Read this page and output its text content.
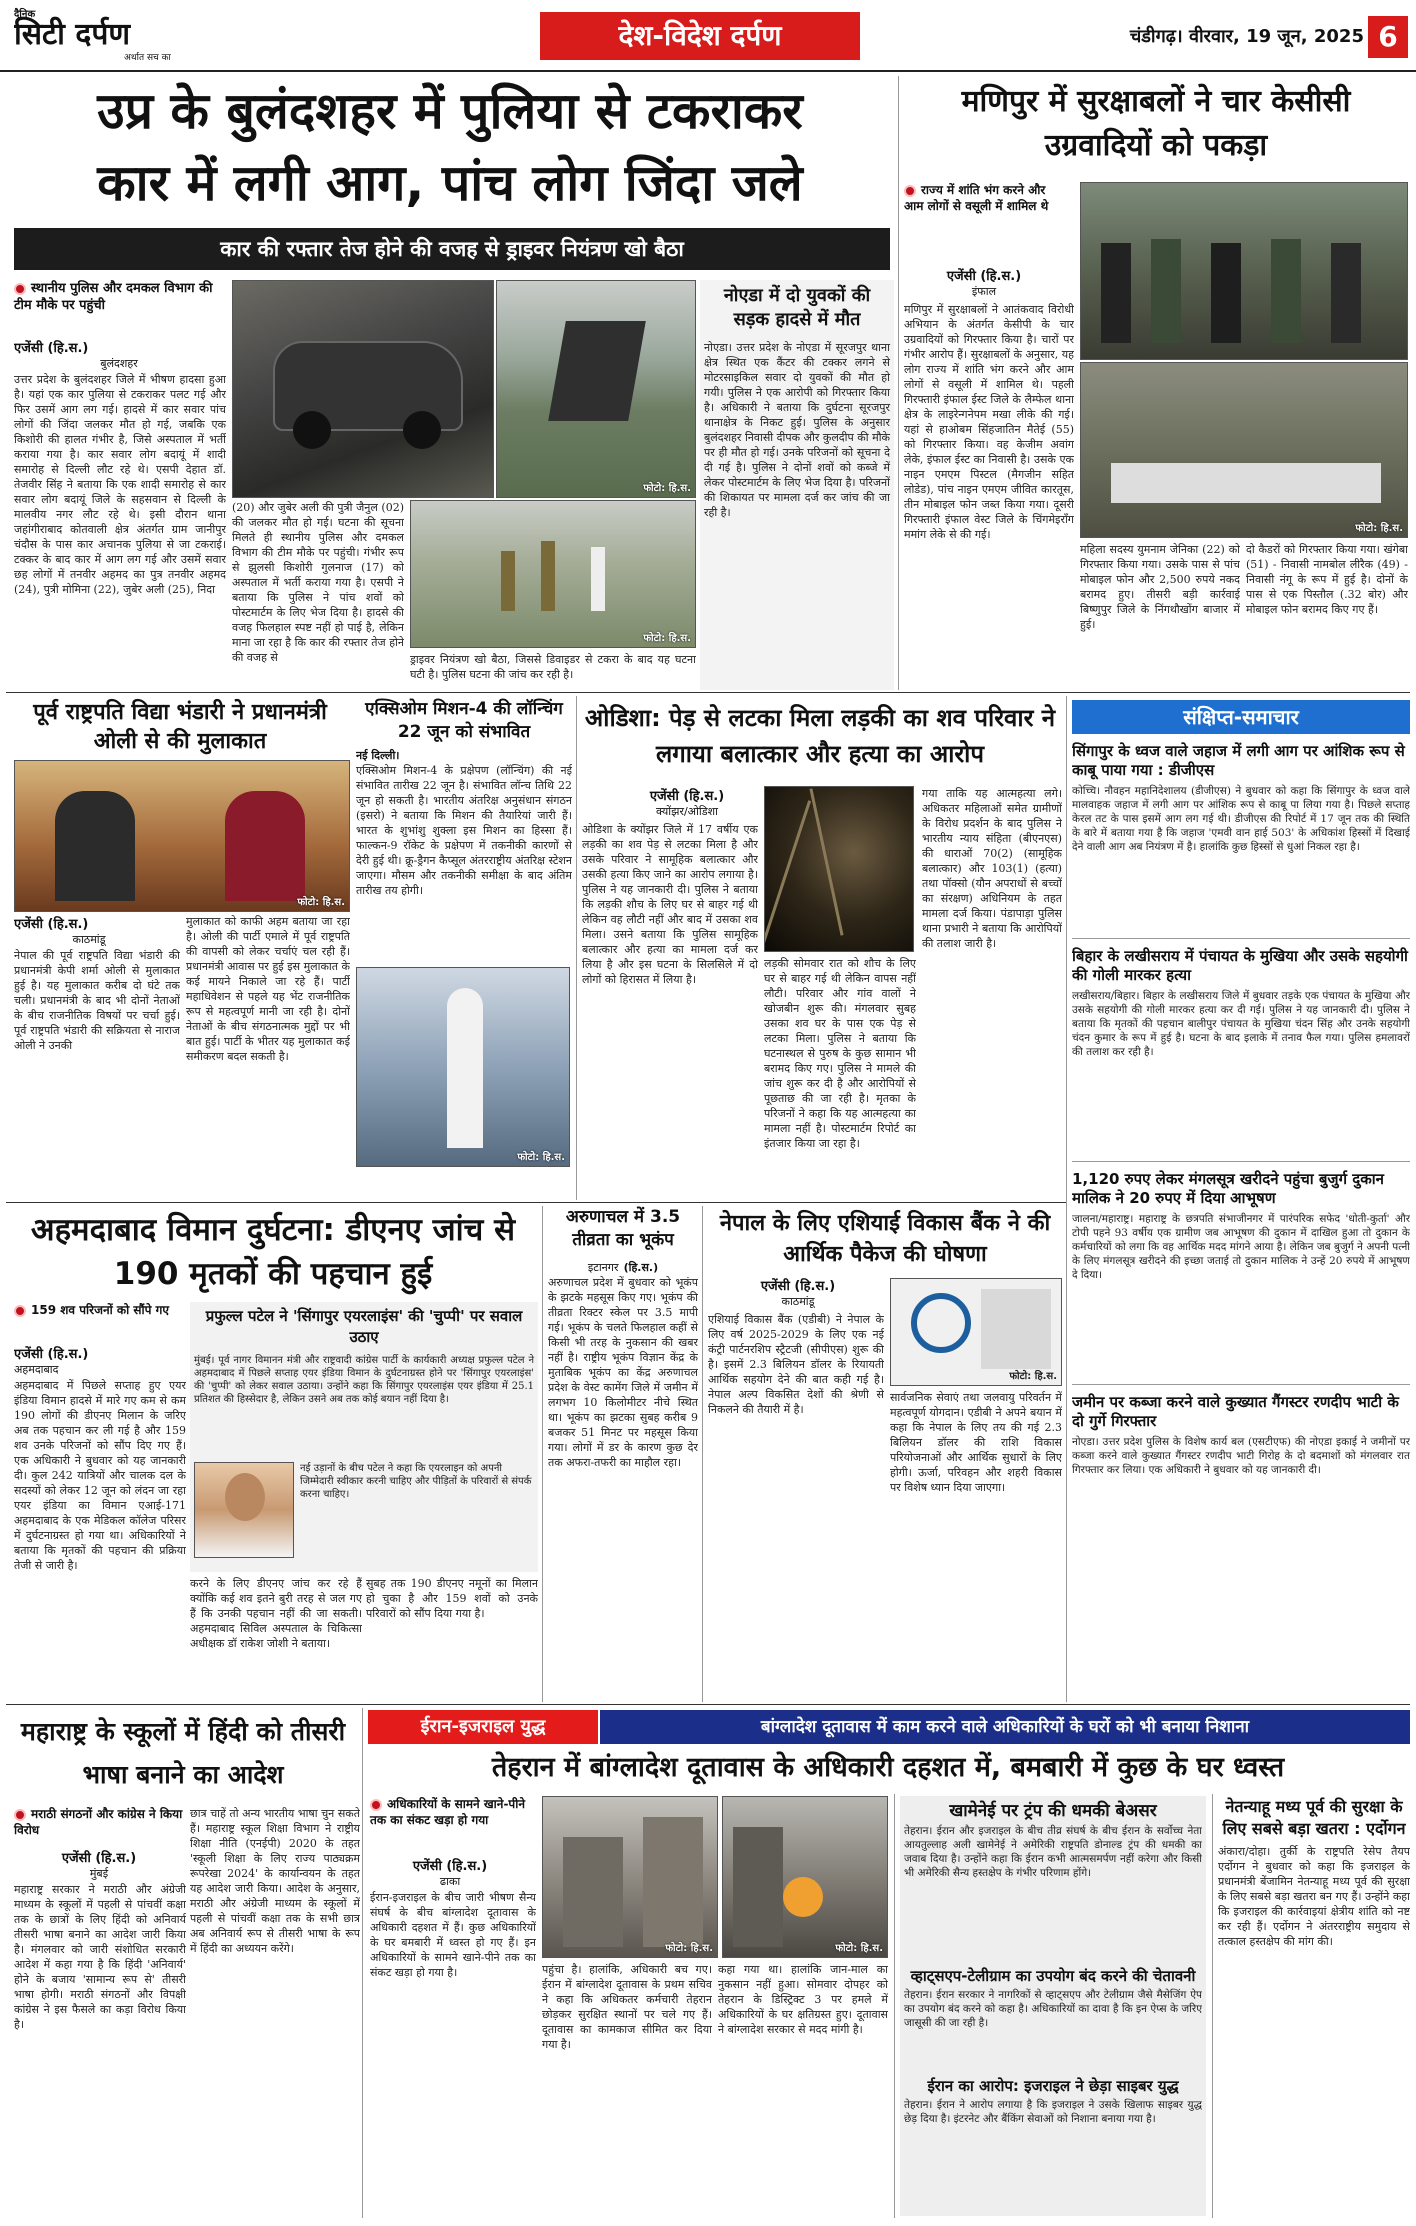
दैनिक
सिटी दर्पण
अर्थात सच का
देश-विदेश दर्पण	चंडीगढ़। वीरवार, 19 जून, 2025 6
उप्र के बुलंदशहर में पुलिया से टकराकर
कार में लगी आग, पांच लोग जिंदा जले
कार की रफ्तार तेज होने की वजह से ड्राइवर नियंत्रण खो बैठा
स्थानीय पुलिस और दमकल विभाग की टीम मौके पर पहुंची
एजेंसी (हि.स.)
बुलंदशहर
उत्तर प्रदेश के बुलंदशहर जिले में भीषण हादसा हुआ है। यहां एक कार पुलिया से टकराकर पलट गई और फिर उसमें आग लग गई। हादसे में कार सवार पांच लोगों की जिंदा जलकर मौत हो गई, जबकि एक किशोरी की हालत गंभीर है, जिसे अस्पताल में भर्ती कराया गया है। कार सवार लोग बदायूं में शादी समारोह से दिल्ली लौट रहे थे। एसपी देहात डॉ. तेजवीर सिंह ने बताया कि एक शादी समारोह से कार सवार लोग बदायूं जिले के सहसवान से दिल्ली के मालवीय नगर लौट रहे थे। इसी दौरान थाना जहांगीराबाद कोतवाली क्षेत्र अंतर्गत ग्राम जानीपुर चंदौस के पास कार अचानक पुलिया से जा टकराई। टक्कर के बाद कार में आग लग गई और उसमें सवार छह लोगों में तनवीर अहमद का पुत्र तनवीर अहमद (24), पुत्री मोमिना (22), जुबेर अली (25), निदा
फोटो: हि.स.
फोटो: हि.स.
(20) और जुबेर अली की पुत्री जैनुल (02) की जलकर मौत हो गई। घटना की सूचना मिलते ही स्थानीय पुलिस और दमकल विभाग की टीम मौके पर पहुंची। गंभीर रूप से झुलसी किशोरी गुलनाज (17) को अस्पताल में भर्ती कराया गया है। एसपी ने बताया कि पुलिस ने पांच शवों को पोस्टमार्टम के लिए भेज दिया है। हादसे की वजह फिलहाल स्पष्ट नहीं हो पाई है, लेकिन माना जा रहा है कि कार की रफ्तार तेज होने की वजह से	ड्राइवर नियंत्रण खो बैठा, जिससे डिवाइडर से टकरा के बाद यह घटना घटी है। पुलिस घटना की जांच कर रही है।
नोएडा में दो युवकों की सड़क हादसे में मौत
नोएडा। उत्तर प्रदेश के नोएडा में सूरजपुर थाना क्षेत्र स्थित एक कैंटर की टक्कर लगने से मोटरसाइकिल सवार दो युवकों की मौत हो गयी। पुलिस ने एक आरोपी को गिरफ्तार किया है। अधिकारी ने बताया कि दुर्घटना सूरजपुर थानाक्षेत्र के निकट हुई। पुलिस के अनुसार बुलंदशहर निवासी दीपक और कुलदीप की मौके पर ही मौत हो गई। उनके परिजनों को सूचना दे दी गई है। पुलिस ने दोनों शवों को कब्जे में लेकर पोस्टमार्टम के लिए भेज दिया है। परिजनों की शिकायत पर मामला दर्ज कर जांच की जा रही है।
मणिपुर में सुरक्षाबलों ने चार केसीसी उग्रवादियों को पकड़ा
राज्य में शांति भंग करने और आम लोगों से वसूली में शामिल थे
एजेंसी (हि.स.)
इंफाल
मणिपुर में सुरक्षाबलों ने आतंकवाद विरोधी अभियान के अंतर्गत केसीपी के चार उग्रवादियों को गिरफ्तार किया है। चारों पर गंभीर आरोप हैं। सुरक्षाबलों के अनुसार, यह लोग राज्य में शांति भंग करने और आम लोगों से वसूली में शामिल थे। पहली गिरफ्तारी इंफाल ईस्ट जिले के लैम्फेल थाना क्षेत्र के लाइरेन्गनेपम मखा लीके की गई। यहां से हाओबम सिंहजातिन मैतेई (55) को गिरफ्तार किया। वह केजीम अवांग लेके, इंफाल ईस्ट का निवासी है। उसके एक नाइन एमएम पिस्टल (मैगजीन सहित लोडेड), पांच नाइन एमएम जीवित कारतूस, तीन मोबाइल फोन जब्त किया गया। दूसरी गिरफ्तारी इंफाल वेस्ट जिले के चिंगमेइरॉंग ममांग लेके से की गई।	फोटो: हि.स.
महिला सदस्य युमनाम जेनिका (22) को गिरफ्तार किया गया। उसके पास से पांच मोबाइल फोन और 2,500 रुपये नकद बरामद हुए। तीसरी बड़ी कार्रवाई बिष्णुपुर जिले के निंगथौखोंग बाजार में हुई।
दो कैडरों को गिरफ्तार किया गया। खंगेबा (51) - निवासी नामबोल लीरैक (49) - निवासी नंगू के रूप में हुई है। दोनों के पास से एक पिस्तौल (.32 बोर) और मोबाइल फोन बरामद किए गए हैं।
पूर्व राष्ट्रपति विद्या भंडारी ने प्रधानमंत्री ओली से की मुलाकात
फोटो: हि.स.
एजेंसी (हि.स.)
काठमांडू
नेपाल की पूर्व राष्ट्रपति विद्या भंडारी की प्रधानमंत्री केपी शर्मा ओली से मुलाकात हुई है। यह मुलाकात करीब दो घंटे तक चली। प्रधानमंत्री के बाद भी दोनों नेताओं के बीच राजनीतिक विषयों पर चर्चा हुई। पूर्व राष्ट्रपति भंडारी की सक्रियता से नाराज ओली ने उनकी
मुलाकात को काफी अहम बताया जा रहा है। ओली की पार्टी एमाले में पूर्व राष्ट्रपति की वापसी को लेकर चर्चाएं चल रही हैं। प्रधानमंत्री आवास पर हुई इस मुलाकात के कई मायने निकाले जा रहे हैं। पार्टी महाधिवेशन से पहले यह भेंट राजनीतिक रूप से महत्वपूर्ण मानी जा रही है। दोनों नेताओं के बीच संगठनात्मक मुद्दों पर भी बात हुई। पार्टी के भीतर यह मुलाकात कई समीकरण बदल सकती है।
एक्सिओम मिशन-4 की लॉन्चिंग 22 जून को संभावित
नई दिल्ली।
एक्सिओम मिशन-4 के प्रक्षेपण (लॉन्चिंग) की नई संभावित तारीख 22 जून है। संभावित लॉन्च तिथि 22 जून हो सकती है। भारतीय अंतरिक्ष अनुसंधान संगठन (इसरो) ने बताया कि मिशन की तैयारियां जारी हैं। भारत के शुभांशु शुक्ला इस मिशन का हिस्सा हैं। फाल्कन-9 रॉकेट के प्रक्षेपण में तकनीकी कारणों से देरी हुई थी। क्रू-ड्रैगन कैप्सूल अंतरराष्ट्रीय अंतरिक्ष स्टेशन जाएगा। मौसम और तकनीकी समीक्षा के बाद अंतिम तारीख तय होगी।
फोटो: हि.स.
ओडिशा: पेड़ से लटका मिला लड़की का शव परिवार ने लगाया बलात्कार और हत्या का आरोप
एजेंसी (हि.स.)
क्योंझर/ओडिशा
ओडिशा के क्योंझर जिले में 17 वर्षीय एक लड़की का शव पेड़ से लटका मिला है और उसके परिवार ने सामूहिक बलात्कार और उसकी हत्या किए जाने का आरोप लगाया है। पुलिस ने यह जानकारी दी। पुलिस ने बताया कि लड़की शौच के लिए घर से बाहर गई थी लेकिन वह लौटी नहीं और बाद में उसका शव मिला। उसने बताया कि पुलिस सामूहिक बलात्कार और हत्या का मामला दर्ज कर लिया है और इस घटना के सिलसिले में दो लोगों को हिरासत में लिया है।
लड़की सोमवार रात को शौच के लिए घर से बाहर गई थी लेकिन वापस नहीं लौटी। परिवार और गांव वालों ने खोजबीन शुरू की। मंगलवार सुबह उसका शव घर के पास एक पेड़ से लटका मिला। पुलिस ने बताया कि घटनास्थल से पुरुष के कुछ सामान भी बरामद किए गए। पुलिस ने मामले की जांच शुरू कर दी है और आरोपियों से पूछताछ की जा रही है। मृतका के परिजनों ने कहा कि यह आत्महत्या का मामला नहीं है। पोस्टमार्टम रिपोर्ट का इंतजार किया जा रहा है।
गया ताकि यह आत्महत्या लगे। अधिकतर महिलाओं समेत ग्रामीणों के विरोध प्रदर्शन के बाद पुलिस ने भारतीय न्याय संहिता (बीएनएस) की धाराओं 70(2) (सामूहिक बलात्कार) और 103(1) (हत्या) तथा पॉक्सो (यौन अपराधों से बच्चों का संरक्षण) अधिनियम के तहत मामला दर्ज किया। पंडापाड़ा पुलिस थाना प्रभारी ने बताया कि आरोपियों की तलाश जारी है।
संक्षिप्त-समाचार
सिंगापुर के ध्वज वाले जहाज में लगी आग पर आंशिक रूप से काबू पाया गया : डीजीएस
कोच्चि। नौवहन महानिदेशालय (डीजीएस) ने बुधवार को कहा कि सिंगापुर के ध्वज वाले मालवाहक जहाज में लगी आग पर आंशिक रूप से काबू पा लिया गया है। पिछले सप्ताह केरल तट के पास इसमें आग लग गई थी। डीजीएस की रिपोर्ट में 17 जून तक की स्थिति के बारे में बताया गया है कि जहाज 'एमवी वान हाई 503' के अधिकांश हिस्सों में दिखाई देने वाली आग अब नियंत्रण में है। हालांकि कुछ हिस्सों से धुआं निकल रहा है।
बिहार के लखीसराय में पंचायत के मुखिया और उसके सहयोगी की गोली मारकर हत्या
लखीसराय/बिहार। बिहार के लखीसराय जिले में बुधवार तड़के एक पंचायत के मुखिया और उसके सहयोगी की गोली मारकर हत्या कर दी गई। पुलिस ने यह जानकारी दी। पुलिस ने बताया कि मृतकों की पहचान बालीपुर पंचायत के मुखिया चंदन सिंह और उनके सहयोगी चंदन कुमार के रूप में हुई है। घटना के बाद इलाके में तनाव फैल गया। पुलिस हमलावरों की तलाश कर रही है।
1,120 रुपए लेकर मंगलसूत्र खरीदने पहुंचा बुजुर्ग दुकान मालिक ने 20 रुपए में दिया आभूषण
जालना/महाराष्ट्र। महाराष्ट्र के छत्रपति संभाजीनगर में पारंपरिक सफेद 'धोती-कुर्ता' और टोपी पहने 93 वर्षीय एक ग्रामीण जब आभूषण की दुकान में दाखिल हुआ तो दुकान के कर्मचारियों को लगा कि वह आर्थिक मदद मांगने आया है। लेकिन जब बुजुर्ग ने अपनी पत्नी के लिए मंगलसूत्र खरीदने की इच्छा जताई तो दुकान मालिक ने उन्हें 20 रुपये में आभूषण दे दिया।
जमीन पर कब्जा करने वाले कुख्यात गैंगस्टर रणदीप भाटी के दो गुर्गे गिरफ्तार
नोएडा। उत्तर प्रदेश पुलिस के विशेष कार्य बल (एसटीएफ) की नोएडा इकाई ने जमीनों पर कब्जा करने वाले कुख्यात गैंगस्टर रणदीप भाटी गिरोह के दो बदमाशों को मंगलवार रात गिरफ्तार कर लिया। एक अधिकारी ने बुधवार को यह जानकारी दी।
अहमदाबाद विमान दुर्घटना: डीएनए जांच से 190 मृतकों की पहचान हुई
159 शव परिजनों को सौंपे गए
एजेंसी (हि.स.)
अहमदाबाद
अहमदाबाद में पिछले सप्ताह हुए एयर इंडिया विमान हादसे में मारे गए कम से कम 190 लोगों की डीएनए मिलान के जरिए अब तक पहचान कर ली गई है और 159 शव उनके परिजनों को सौंप दिए गए हैं। एक अधिकारी ने बुधवार को यह जानकारी दी। कुल 242 यात्रियों और चालक दल के सदस्यों को लेकर 12 जून को लंदन जा रहा एयर इंडिया का विमान एआई-171 अहमदाबाद के एक मेडिकल कॉलेज परिसर में दुर्घटनाग्रस्त हो गया था। अधिकारियों ने बताया कि मृतकों की पहचान की प्रक्रिया तेजी से जारी है।
प्रफुल्ल पटेल ने 'सिंगापुर एयरलाइंस' की 'चुप्पी' पर सवाल उठाए
मुंबई। पूर्व नागर विमानन मंत्री और राष्ट्रवादी कांग्रेस पार्टी के कार्यकारी अध्यक्ष प्रफुल्ल पटेल ने अहमदाबाद में पिछले सप्ताह एयर इंडिया विमान के दुर्घटनाग्रस्त होने पर 'सिंगापुर एयरलाइंस' की 'चुप्पी' को लेकर सवाल उठाया। उन्होंने कहा कि सिंगापुर एयरलाइंस एयर इंडिया में 25.1 प्रतिशत की हिस्सेदार है, लेकिन उसने अब तक कोई बयान नहीं दिया है।
नई उड़ानों के बीच पटेल ने कहा कि एयरलाइन को अपनी जिम्मेदारी स्वीकार करनी चाहिए और पीड़ितों के परिवारों से संपर्क करना चाहिए।
करने के लिए डीएनए जांच कर रहे हैं क्योंकि कई शव इतने बुरी तरह से जल गए हैं कि उनकी पहचान नहीं की जा सकती। अहमदाबाद सिविल अस्पताल के चिकित्सा अधीक्षक डॉ राकेश जोशी ने बताया।
सुबह तक 190 डीएनए नमूनों का मिलान हो चुका है और 159 शवों को उनके परिवारों को सौंप दिया गया है।
अरुणाचल में 3.5 तीव्रता का भूकंप
इटानगर (हि.स.)
अरुणाचल प्रदेश में बुधवार को भूकंप के झटके महसूस किए गए। भूकंप की तीव्रता रिक्टर स्केल पर 3.5 मापी गई। भूकंप के चलते फिलहाल कहीं से किसी भी तरह के नुकसान की खबर नहीं है। राष्ट्रीय भूकंप विज्ञान केंद्र के मुताबिक भूकंप का केंद्र अरुणाचल प्रदेश के वेस्ट कामेंग जिले में जमीन में लगभग 10 किलोमीटर नीचे स्थित था। भूकंप का झटका सुबह करीब 9 बजकर 51 मिनट पर महसूस किया गया। लोगों में डर के कारण कुछ देर तक अफरा-तफरी का माहौल रहा।
नेपाल के लिए एशियाई विकास बैंक ने की आर्थिक पैकेज की घोषणा
एजेंसी (हि.स.)
काठमांडू
एशियाई विकास बैंक (एडीबी) ने नेपाल के लिए वर्ष 2025-2029 के लिए एक नई कंट्री पार्टनरशिप स्ट्रैटजी (सीपीएस) शुरू की है। इसमें 2.3 बिलियन डॉलर के रियायती आर्थिक सहयोग देने की बात कही गई है। नेपाल अल्प विकसित देशों की श्रेणी से निकलने की तैयारी में है।
फोटो: हि.स.
सार्वजनिक सेवाएं तथा जलवायु परिवर्तन में महत्वपूर्ण योगदान। एडीबी ने अपने बयान में कहा कि नेपाल के लिए तय की गई 2.3 बिलियन डॉलर की राशि विकास परियोजनाओं और आर्थिक सुधारों के लिए होगी। ऊर्जा, परिवहन और शहरी विकास पर विशेष ध्यान दिया जाएगा।
महाराष्ट्र के स्कूलों में हिंदी को तीसरी भाषा बनाने का आदेश
मराठी संगठनों और कांग्रेस ने किया विरोध
एजेंसी (हि.स.)
मुंबई
महाराष्ट्र सरकार ने मराठी और अंग्रेजी माध्यम के स्कूलों में पहली से पांचवीं कक्षा तक के छात्रों के लिए हिंदी को अनिवार्य तीसरी भाषा बनाने का आदेश जारी किया है। मंगलवार को जारी संशोधित सरकारी आदेश में कहा गया है कि हिंदी 'अनिवार्य' होने के बजाय 'सामान्य रूप से' तीसरी भाषा होगी। मराठी संगठनों और विपक्षी कांग्रेस ने इस फैसले का कड़ा विरोध किया है।
छात्र चाहें तो अन्य भारतीय भाषा चुन सकते हैं। महाराष्ट्र स्कूल शिक्षा विभाग ने राष्ट्रीय शिक्षा नीति (एनईपी) 2020 के तहत 'स्कूली शिक्षा के लिए राज्य पाठ्यक्रम रूपरेखा 2024' के कार्यान्वयन के तहत यह आदेश जारी किया। आदेश के अनुसार, मराठी और अंग्रेजी माध्यम के स्कूलों में पहली से पांचवीं कक्षा तक के सभी छात्र अब अनिवार्य रूप से तीसरी भाषा के रूप में हिंदी का अध्ययन करेंगे।
ईरान-इजराइल युद्ध	बांग्लादेश दूतावास में काम करने वाले अधिकारियों के घरों को भी बनाया निशाना
तेहरान में बांग्लादेश दूतावास के अधिकारी दहशत में, बमबारी में कुछ के घर ध्वस्त
अधिकारियों के सामने खाने-पीने तक का संकट खड़ा हो गया
एजेंसी (हि.स.)
ढाका
ईरान-इजराइल के बीच जारी भीषण सैन्य संघर्ष के बीच बांग्लादेश दूतावास के अधिकारी दहशत में हैं। कुछ अधिकारियों के घर बमबारी में ध्वस्त हो गए हैं। इन अधिकारियों के सामने खाने-पीने तक का संकट खड़ा हो गया है।
फोटो: हि.स.	फोटो: हि.स.
पहुंचा है। हालांकि, अधिकारी बच गए। ईरान में बांग्लादेश दूतावास के प्रथम सचिव ने कहा कि अधिकतर कर्मचारी तेहरान छोड़कर सुरक्षित स्थानों पर चले गए हैं। दूतावास का कामकाज सीमित कर दिया गया है।
कहा गया था। हालांकि जान-माल का नुकसान नहीं हुआ। सोमवार दोपहर को तेहरान के डिस्ट्रिक्ट 3 पर हमले में अधिकारियों के घर क्षतिग्रस्त हुए। दूतावास ने बांग्लादेश सरकार से मदद मांगी है।
खामेनेई पर ट्रंप की धमकी बेअसर
तेहरान। ईरान और इजराइल के बीच तीव्र संघर्ष के बीच ईरान के सर्वोच्च नेता आयतुल्लाह अली खामेनेई ने अमेरिकी राष्ट्रपति डोनाल्ड ट्रंप की धमकी का जवाब दिया है। उन्होंने कहा कि ईरान कभी आत्मसमर्पण नहीं करेगा और किसी भी अमेरिकी सैन्य हस्तक्षेप के गंभीर परिणाम होंगे।
व्हाट्सएप-टेलीग्राम का उपयोग बंद करने की चेतावनी
तेहरान। ईरान सरकार ने नागरिकों से व्हाट्सएप और टेलीग्राम जैसे मैसेजिंग ऐप का उपयोग बंद करने को कहा है। अधिकारियों का दावा है कि इन ऐप्स के जरिए जासूसी की जा रही है।
ईरान का आरोप: इजराइल ने छेड़ा साइबर युद्ध
तेहरान। ईरान ने आरोप लगाया है कि इजराइल ने उसके खिलाफ साइबर युद्ध छेड़ दिया है। इंटरनेट और बैंकिंग सेवाओं को निशाना बनाया गया है।
नेतन्याहू मध्य पूर्व की सुरक्षा के लिए सबसे बड़ा खतरा : एर्दोगन
अंकारा/दोहा। तुर्की के राष्ट्रपति रेसेप तैयप एर्दोगन ने बुधवार को कहा कि इजराइल के प्रधानमंत्री बेंजामिन नेतन्याहू मध्य पूर्व की सुरक्षा के लिए सबसे बड़ा खतरा बन गए हैं। उन्होंने कहा कि इजराइल की कार्रवाइयां क्षेत्रीय शांति को नष्ट कर रही हैं। एर्दोगन ने अंतरराष्ट्रीय समुदाय से तत्काल हस्तक्षेप की मांग की।
